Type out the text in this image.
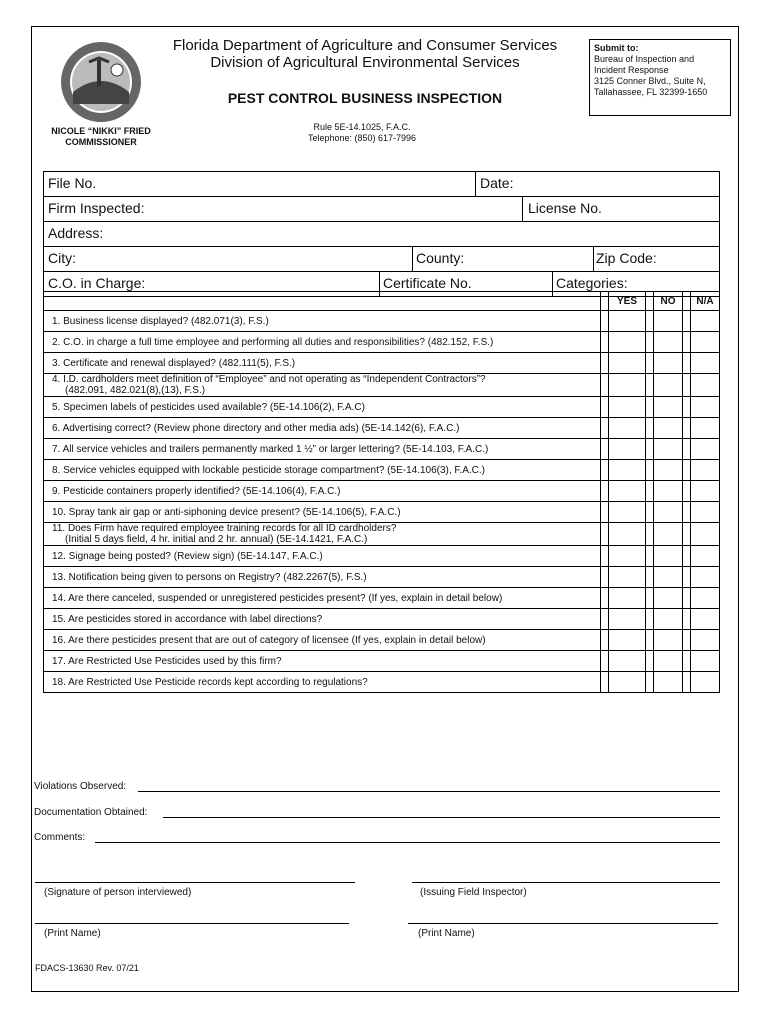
Florida Department of Agriculture and Consumer Services
Division of Agricultural Environmental Services
PEST CONTROL BUSINESS INSPECTION
Rule 5E-14.1025, F.A.C.
Telephone: (850) 617-7996
NICOLE “NIKKI” FRIED
COMMISSIONER
Submit to:
Bureau of Inspection and
Incident Response
3125 Conner Blvd., Suite N,
Tallahassee, FL 32399-1650
File No.	Date:
Firm Inspected:	License No.
Address:
City:	County:	Zip Code:
C.O. in Charge:	Certificate No.	Categories:
		YES		NO		N/A

1. Business license displayed? (482.071(3), F.S.)						

2. C.O. in charge a full time employee and performing all duties and responsibilities? (482.152, F.S.)						

3. Certificate and renewal displayed? (482.111(5), F.S.)						

4. I.D. cardholders meet definition of “Employee” and not operating as “Independent Contractors”?
(482.091, 482.021(8),(13), F.S.)						

5. Specimen labels of pesticides used available? (5E-14.106(2), F.A.C)						

6. Advertising correct? (Review phone directory and other media ads) (5E-14.142(6), F.A.C.)						

7. All service vehicles and trailers permanently marked 1 ½” or larger lettering? (5E-14.103, F.A.C.)						

8. Service vehicles equipped with lockable pesticide storage compartment? (5E-14.106(3), F.A.C.)						

9. Pesticide containers properly identified? (5E-14.106(4), F.A.C.)						

10. Spray tank air gap or anti-siphoning device present? (5E-14.106(5), F.A.C.)						

11. Does Firm have required employee training records for all ID cardholders?
(Initial 5 days field, 4 hr. initial and 2 hr. annual) (5E-14.1421, F.A.C.)						

12. Signage being posted? (Review sign) (5E-14.147, F.A.C.)						

13. Notification being given to persons on Registry? (482.2267(5), F.S.)						

14. Are there canceled, suspended or unregistered pesticides present? (If yes, explain in detail below)						

15. Are pesticides stored in accordance with label directions?						

16. Are there pesticides present that are out of category of licensee (If yes, explain in detail below)						

17. Are Restricted Use Pesticides used by this firm?						

18. Are Restricted Use Pesticide records kept according to regulations?						

Violations Observed:
Documentation Obtained:
Comments:
(Signature of person interviewed)	(Issuing Field Inspector)
(Print Name)	(Print Name)
FDACS-13630 Rev. 07/21
